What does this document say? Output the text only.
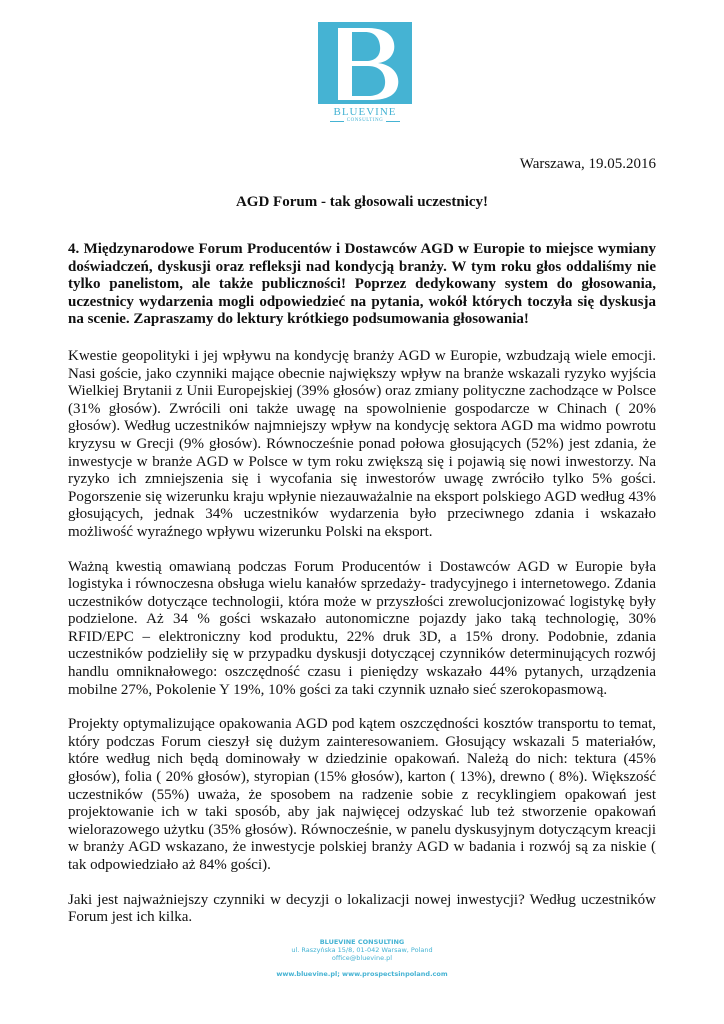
BLUEVINE
CONSULTING
Warszawa, 19.05.2016
AGD Forum - tak głosowali uczestnicy!

4. Międzynarodowe Forum Producentów i Dostawców AGD w Europie to miejsce wymiany doświadczeń, dyskusji oraz refleksji nad kondycją branży. W tym roku głos oddaliśmy nie tylko panelistom, ale także publiczności! Poprzez dedykowany system do głosowania, uczestnicy wydarzenia mogli odpowiedzieć na pytania, wokół których toczyła się dyskusja na scenie. Zapraszamy do lektury krótkiego podsumowania głosowania!

Kwestie geopolityki i jej wpływu na kondycję branży AGD w Europie, wzbudzają wiele emocji. Nasi goście, jako czynniki mające obecnie największy wpływ na branże wskazali ryzyko wyjścia Wielkiej Brytanii z Unii Europejskiej (39% głosów) oraz zmiany polityczne zachodzące w Polsce (31% głosów). Zwrócili oni także uwagę na spowolnienie gospodarcze w Chinach ( 20% głosów). Według uczestników najmniejszy wpływ na kondycję sektora AGD ma widmo powrotu kryzysu w Grecji (9% głosów). Równocześnie ponad połowa głosujących (52%) jest zdania, że inwestycje w branże AGD w Polsce w tym roku zwiększą się i pojawią się nowi inwestorzy. Na ryzyko ich zmniejszenia się i wycofania się inwestorów uwagę zwróciło tylko 5% gości. Pogorszenie się wizerunku kraju wpłynie niezauważalnie na eksport polskiego AGD według 43% głosujących, jednak 34% uczestników wydarzenia było przeciwnego zdania i wskazało możliwość wyraźnego wpływu wizerunku Polski na eksport.

Ważną kwestią omawianą podczas Forum Producentów i Dostawców AGD w Europie była logistyka i równoczesna obsługa wielu kanałów sprzedaży- tradycyjnego i internetowego. Zdania uczestników dotyczące technologii, która może w przyszłości zrewolucjonizować logistykę były podzielone. Aż 34 % gości wskazało autonomiczne pojazdy jako taką technologię, 30% RFID/EPC – elektroniczny kod produktu, 22% druk 3D, a 15% drony. Podobnie, zdania uczestników podzieliły się w przypadku dyskusji dotyczącej czynników determinujących rozwój handlu omniknałowego: oszczędność czasu i pieniędzy wskazało 44% pytanych, urządzenia mobilne 27%, Pokolenie Y 19%, 10% gości za taki czynnik uznało sieć szerokopasmową.

Projekty optymalizujące opakowania AGD pod kątem oszczędności kosztów transportu to temat, który podczas Forum cieszył się dużym zainteresowaniem. Głosujący wskazali 5 materiałów, które według nich będą dominowały w dziedzinie opakowań. Należą do nich: tektura (45% głosów), folia ( 20% głosów), styropian (15% głosów), karton ( 13%), drewno ( 8%). Większość uczestników (55%) uważa, że sposobem na radzenie sobie z recyklingiem opakowań jest projektowanie ich w taki sposób, aby jak najwięcej odzyskać lub też stworzenie opakowań wielorazowego użytku (35% głosów). Równocześnie, w panelu dyskusyjnym dotyczącym kreacji w branży AGD wskazano, że inwestycje polskiej branży AGD w badania i rozwój są za niskie ( tak odpowiedziało aż 84% gości).

Jaki jest najważniejszy czynniki w decyzji o lokalizacji nowej inwestycji? Według uczestników Forum jest ich kilka.

BLUEVINE CONSULTING
ul. Raszyńska 15/8, 01-042 Warsaw, Poland
office@bluevine.pl
www.bluevine.pl; www.prospectsinpoland.com
